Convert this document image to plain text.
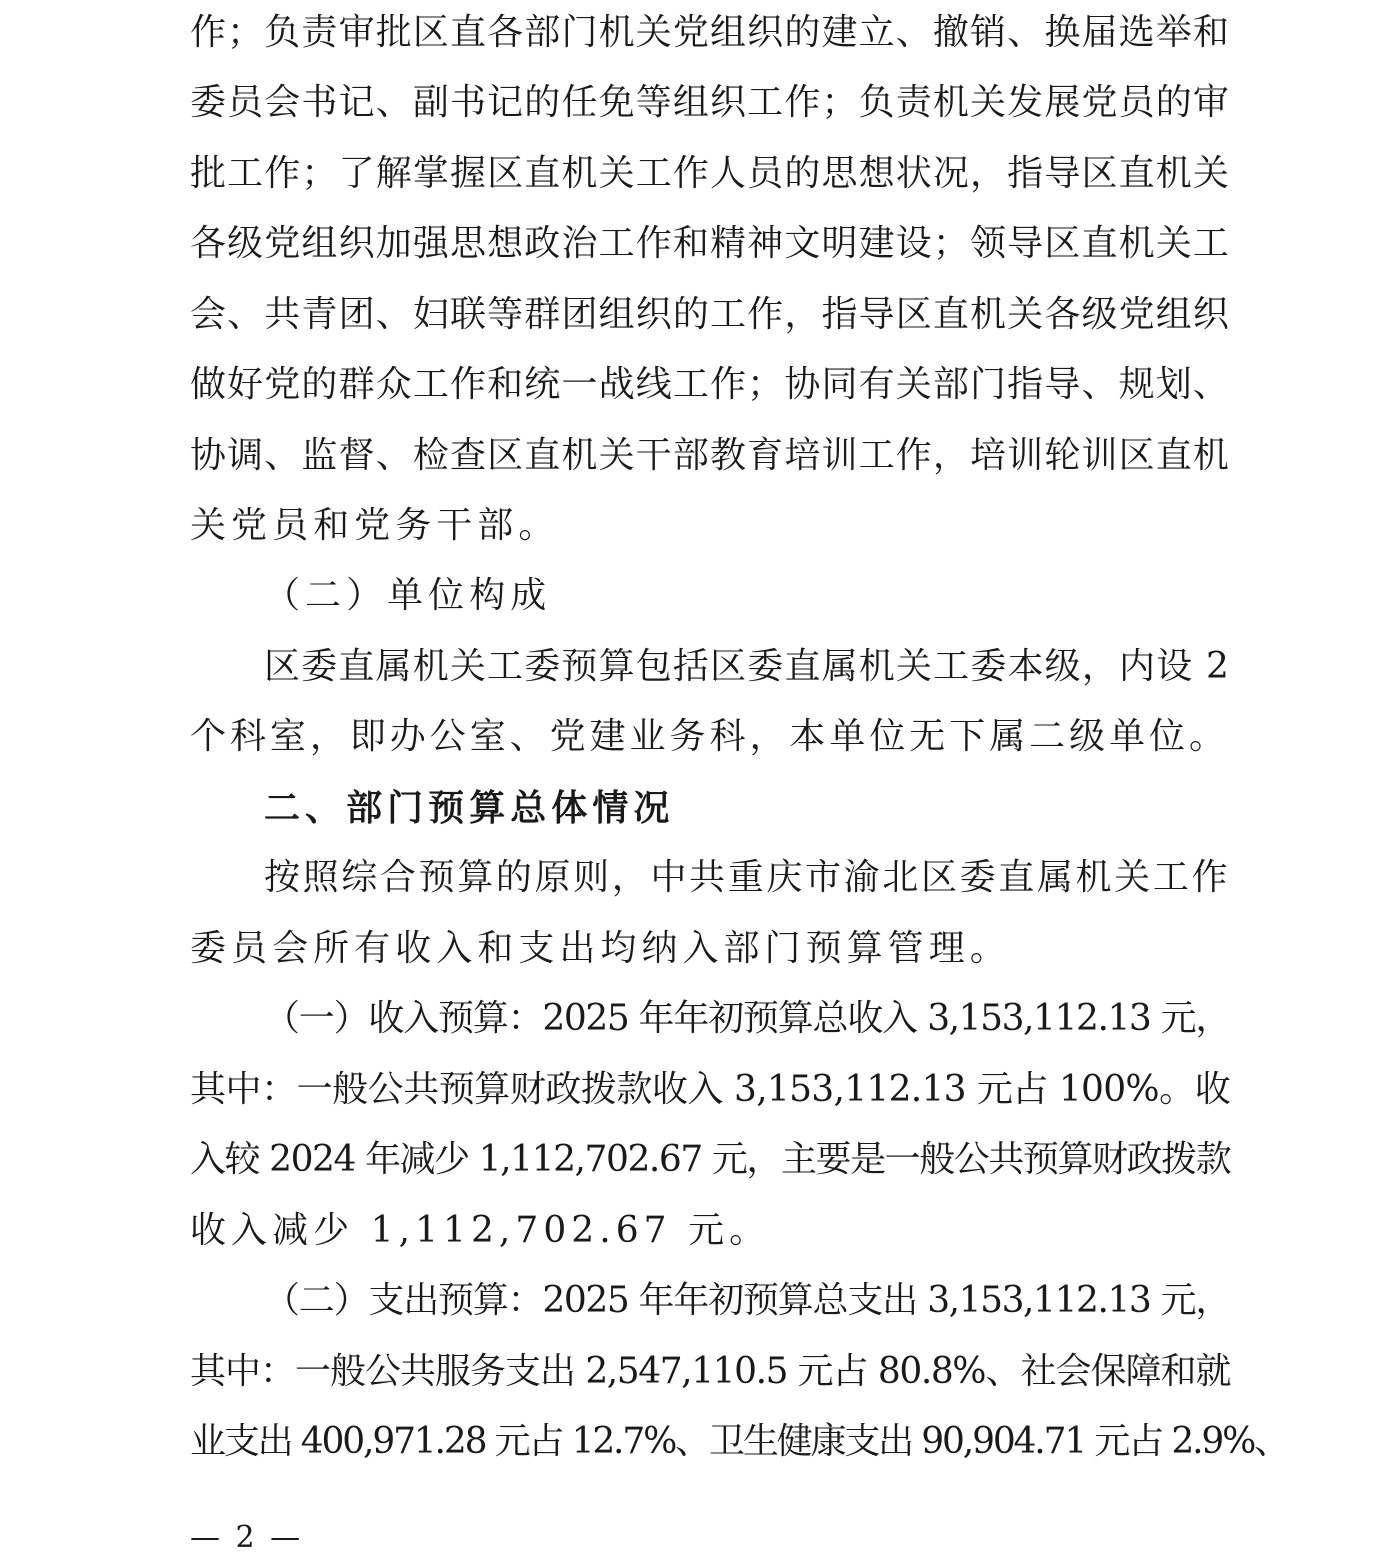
作；负责审批区直各部门机关党组织的建立、撤销、换届选举和
委员会书记、副书记的任免等组织工作；负责机关发展党员的审
批工作；了解掌握区直机关工作人员的思想状况，指导区直机关
各级党组织加强思想政治工作和精神文明建设；领导区直机关工
会、共青团、妇联等群团组织的工作，指导区直机关各级党组织
做好党的群众工作和统一战线工作；协同有关部门指导、规划、
协调、监督、检查区直机关干部教育培训工作，培训轮训区直机
关党员和党务干部。
（二）单位构成
区委直属机关工委预算包括区委直属机关工委本级，内设 2
个科室，即办公室、党建业务科，本单位无下属二级单位。
二、部门预算总体情况
按照综合预算的原则，中共重庆市渝北区委直属机关工作
委员会所有收入和支出均纳入部门预算管理。
（一）收入预算：2025 年年初预算总收入 3,153,112.13 元，
其中：一般公共预算财政拨款收入 3,153,112.13 元占 100%。收
入较 2024 年减少 1,112,702.67 元，主要是一般公共预算财政拨款
收入减少 1,112,702.67 元。
（二）支出预算：2025 年年初预算总支出 3,153,112.13 元，
其中：一般公共服务支出 2,547,110.5 元占 80.8%、社会保障和就
业支出 400,971.28 元占 12.7%、卫生健康支出 90,904.71 元占 2.9%、
— 2 —
